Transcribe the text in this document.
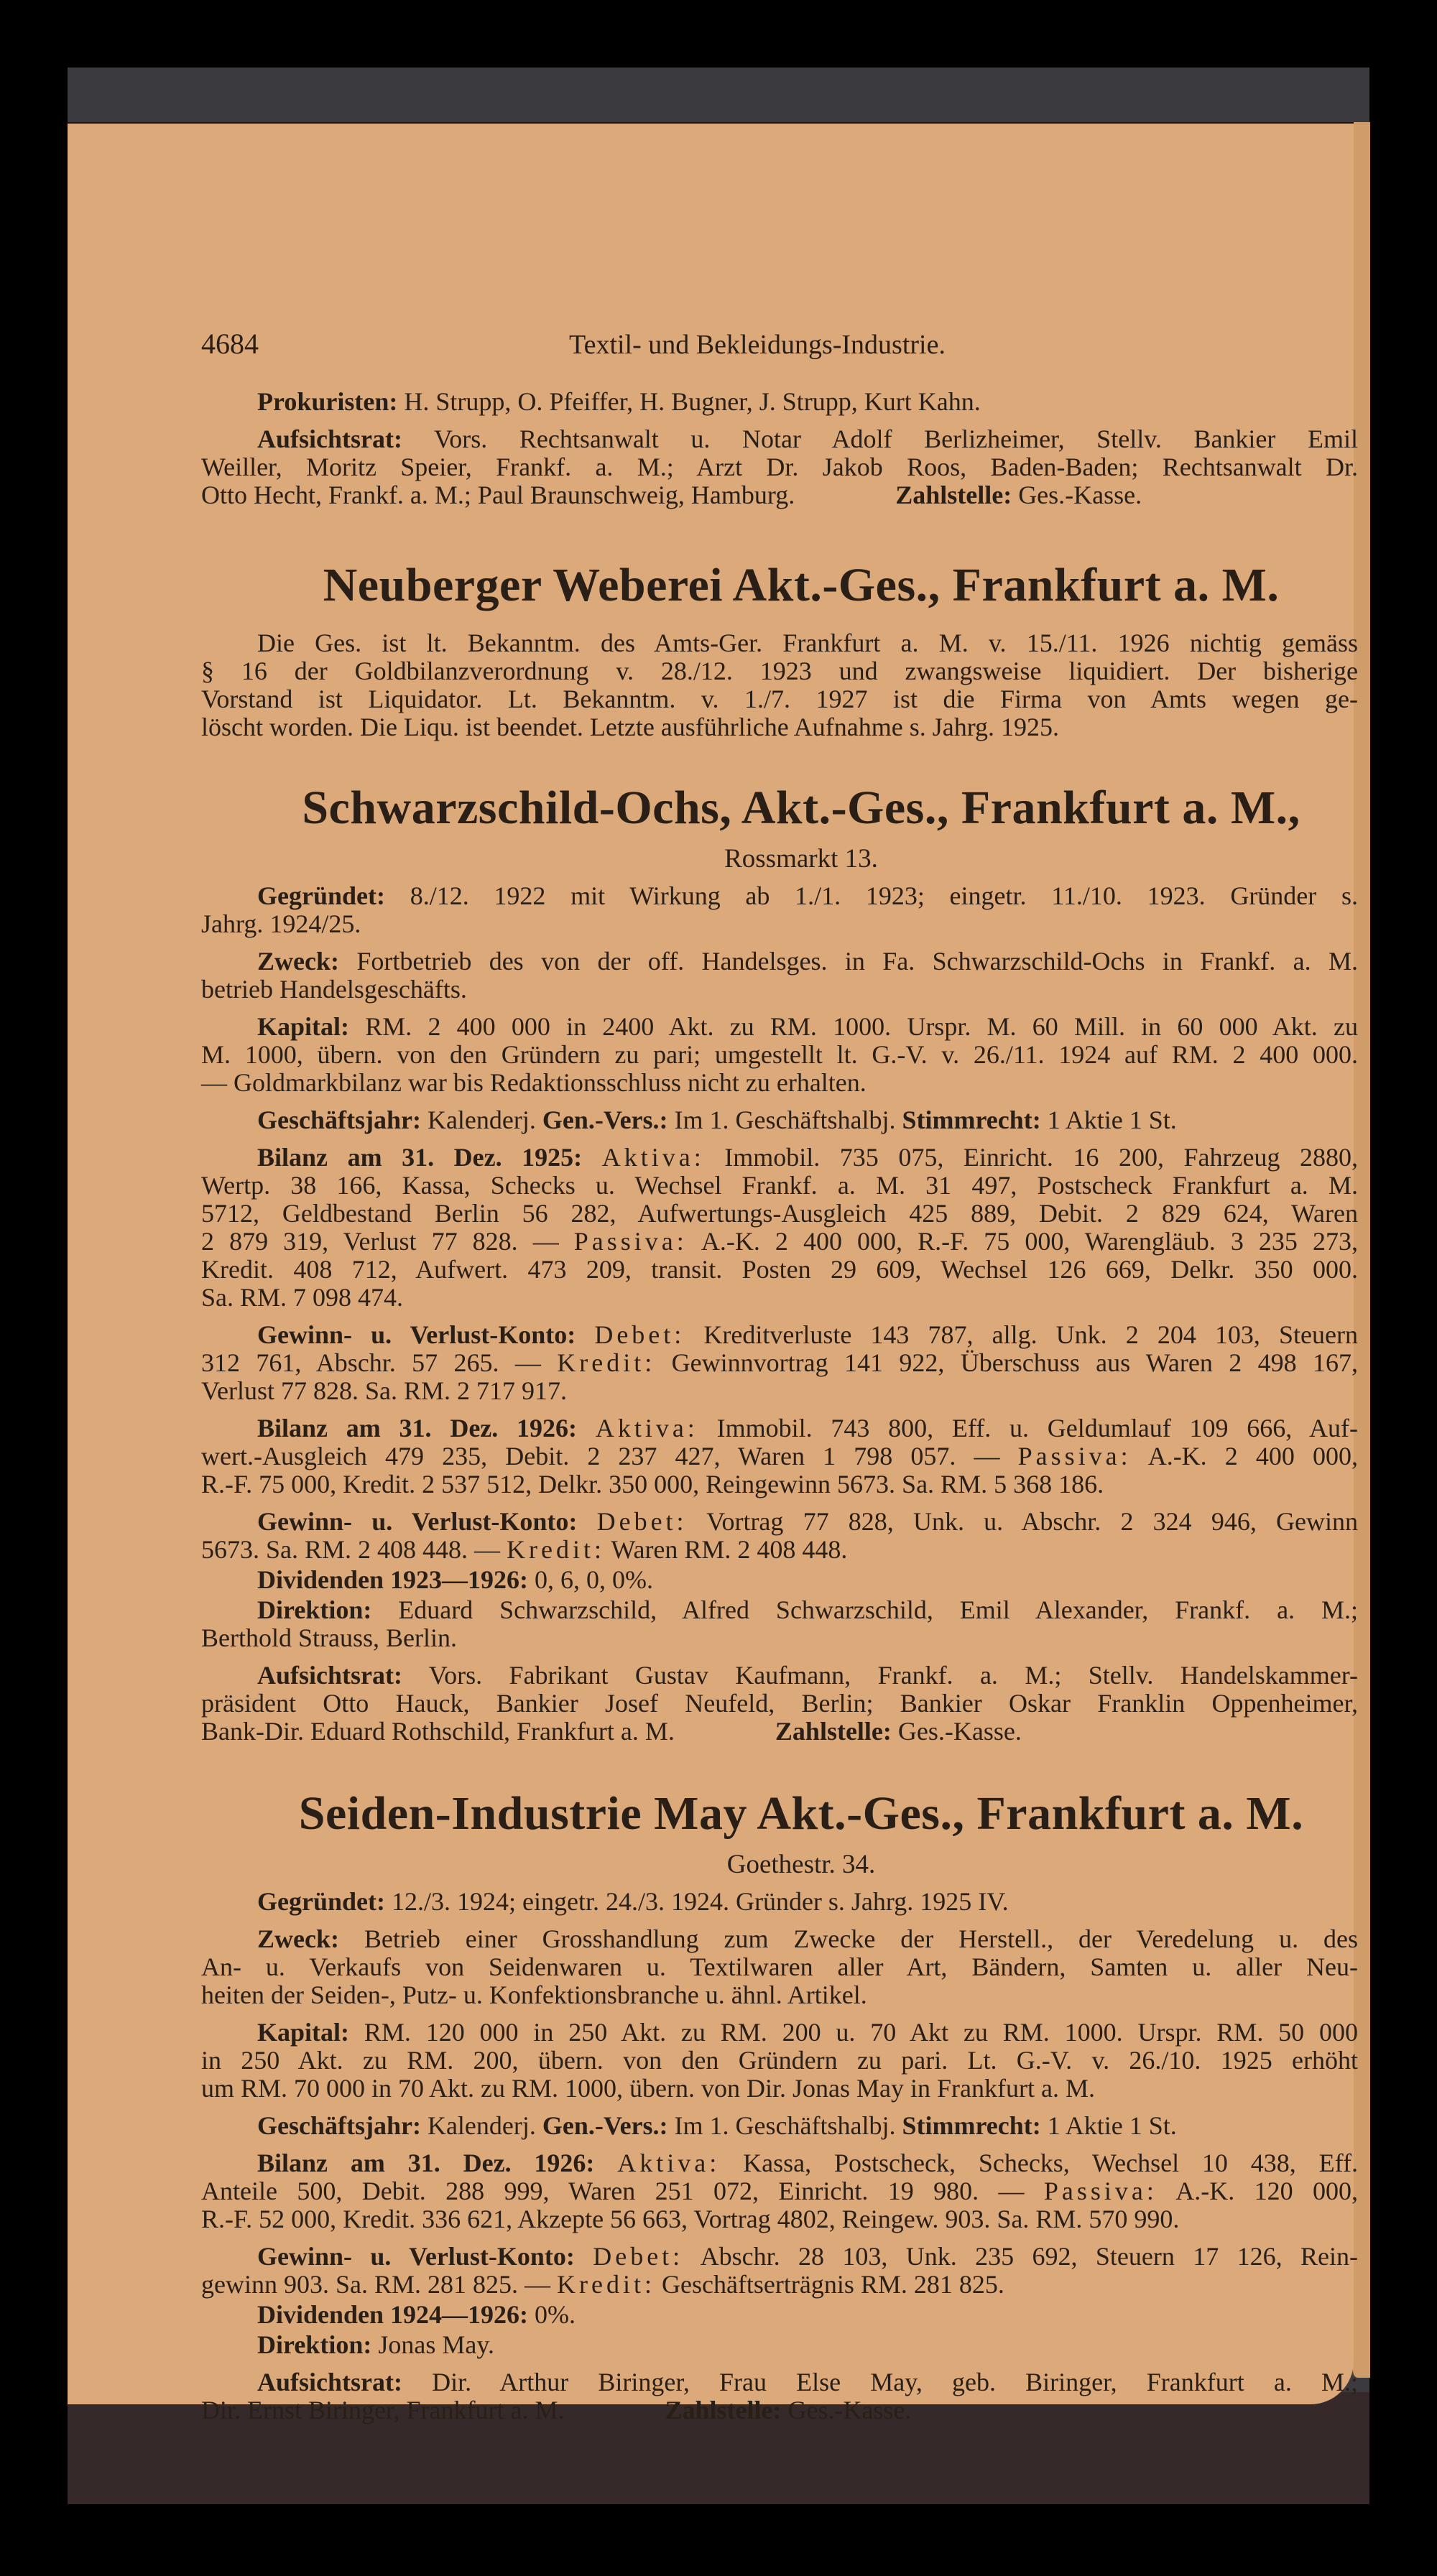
4684	Textil- und Bekleidungs-Industrie.
Prokuristen: H. Strupp, O. Pfeiffer, H. Bugner, J. Strupp, Kurt Kahn.
Aufsichtsrat: Vors. Rechtsanwalt u. Notar Adolf Berlizheimer, Stellv. Bankier Emil
Weiller, Moritz Speier, Frankf. a. M.; Arzt Dr. Jakob Roos, Baden-Baden; Rechtsanwalt Dr.
Otto Hecht, Frankf. a. M.; Paul Braunschweig, Hamburg.	Zahlstelle: Ges.-Kasse.
Neuberger Weberei Akt.-Ges., Frankfurt a. M.
Die Ges. ist lt. Bekanntm. des Amts-Ger. Frankfurt a. M. v. 15./11. 1926 nichtig gemäss
§ 16 der Goldbilanzverordnung v. 28./12. 1923 und zwangsweise liquidiert. Der bisherige
Vorstand ist Liquidator. Lt. Bekanntm. v. 1./7. 1927 ist die Firma von Amts wegen ge-
löscht worden. Die Liqu. ist beendet. Letzte ausführliche Aufnahme s. Jahrg. 1925.
Schwarzschild-Ochs, Akt.-Ges., Frankfurt a. M.,
Rossmarkt 13.
Gegründet: 8./12. 1922 mit Wirkung ab 1./1. 1923; eingetr. 11./10. 1923. Gründer s.
Jahrg. 1924/25.
Zweck: Fortbetrieb des von der off. Handelsges. in Fa. Schwarzschild-Ochs in Frankf. a. M.
betrieb Handelsgeschäfts.
Kapital: RM. 2 400 000 in 2400 Akt. zu RM. 1000. Urspr. M. 60 Mill. in 60 000 Akt. zu
M. 1000, übern. von den Gründern zu pari; umgestellt lt. G.-V. v. 26./11. 1924 auf RM. 2 400 000.
— Goldmarkbilanz war bis Redaktionsschluss nicht zu erhalten.
Geschäftsjahr: Kalenderj. Gen.-Vers.: Im 1. Geschäftshalbj. Stimmrecht: 1 Aktie 1 St.
Bilanz am 31. Dez. 1925: Aktiva: Immobil. 735 075, Einricht. 16 200, Fahrzeug 2880,
Wertp. 38 166, Kassa, Schecks u. Wechsel Frankf. a. M. 31 497, Postscheck Frankfurt a. M.
5712, Geldbestand Berlin 56 282, Aufwertungs-Ausgleich 425 889, Debit. 2 829 624, Waren
2 879 319, Verlust 77 828. — Passiva: A.-K. 2 400 000, R.-F. 75 000, Warengläub. 3 235 273,
Kredit. 408 712, Aufwert. 473 209, transit. Posten 29 609, Wechsel 126 669, Delkr. 350 000.
Sa. RM. 7 098 474.
Gewinn- u. Verlust-Konto: Debet: Kreditverluste 143 787, allg. Unk. 2 204 103, Steuern
312 761, Abschr. 57 265. — Kredit: Gewinnvortrag 141 922, Überschuss aus Waren 2 498 167,
Verlust 77 828. Sa. RM. 2 717 917.
Bilanz am 31. Dez. 1926: Aktiva: Immobil. 743 800, Eff. u. Geldumlauf 109 666, Auf-
wert.-Ausgleich 479 235, Debit. 2 237 427, Waren 1 798 057. — Passiva: A.-K. 2 400 000,
R.-F. 75 000, Kredit. 2 537 512, Delkr. 350 000, Reingewinn 5673. Sa. RM. 5 368 186.
Gewinn- u. Verlust-Konto: Debet: Vortrag 77 828, Unk. u. Abschr. 2 324 946, Gewinn
5673. Sa. RM. 2 408 448. — Kredit: Waren RM. 2 408 448.
Dividenden 1923—1926: 0, 6, 0, 0%.
Direktion: Eduard Schwarzschild, Alfred Schwarzschild, Emil Alexander, Frankf. a. M.;
Berthold Strauss, Berlin.
Aufsichtsrat: Vors. Fabrikant Gustav Kaufmann, Frankf. a. M.; Stellv. Handelskammer-
präsident Otto Hauck, Bankier Josef Neufeld, Berlin; Bankier Oskar Franklin Oppenheimer,
Bank-Dir. Eduard Rothschild, Frankfurt a. M.	Zahlstelle: Ges.-Kasse.
Seiden-Industrie May Akt.-Ges., Frankfurt a. M.
Goethestr. 34.
Gegründet: 12./3. 1924; eingetr. 24./3. 1924. Gründer s. Jahrg. 1925 IV.
Zweck: Betrieb einer Grosshandlung zum Zwecke der Herstell., der Veredelung u. des
An- u. Verkaufs von Seidenwaren u. Textilwaren aller Art, Bändern, Samten u. aller Neu-
heiten der Seiden-, Putz- u. Konfektionsbranche u. ähnl. Artikel.
Kapital: RM. 120 000 in 250 Akt. zu RM. 200 u. 70 Akt zu RM. 1000. Urspr. RM. 50 000
in 250 Akt. zu RM. 200, übern. von den Gründern zu pari. Lt. G.-V. v. 26./10. 1925 erhöht
um RM. 70 000 in 70 Akt. zu RM. 1000, übern. von Dir. Jonas May in Frankfurt a. M.
Geschäftsjahr: Kalenderj. Gen.-Vers.: Im 1. Geschäftshalbj. Stimmrecht: 1 Aktie 1 St.
Bilanz am 31. Dez. 1926: Aktiva: Kassa, Postscheck, Schecks, Wechsel 10 438, Eff.
Anteile 500, Debit. 288 999, Waren 251 072, Einricht. 19 980. — Passiva: A.-K. 120 000,
R.-F. 52 000, Kredit. 336 621, Akzepte 56 663, Vortrag 4802, Reingew. 903. Sa. RM. 570 990.
Gewinn- u. Verlust-Konto: Debet: Abschr. 28 103, Unk. 235 692, Steuern 17 126, Rein-
gewinn 903. Sa. RM. 281 825. — Kredit: Geschäftserträgnis RM. 281 825.
Dividenden 1924—1926: 0%.
Direktion: Jonas May.
Aufsichtsrat: Dir. Arthur Biringer, Frau Else May, geb. Biringer, Frankfurt a. M.;
Dir. Ernst Biringer, Frankfurt a. M.	Zahlstelle: Ges.-Kasse.
